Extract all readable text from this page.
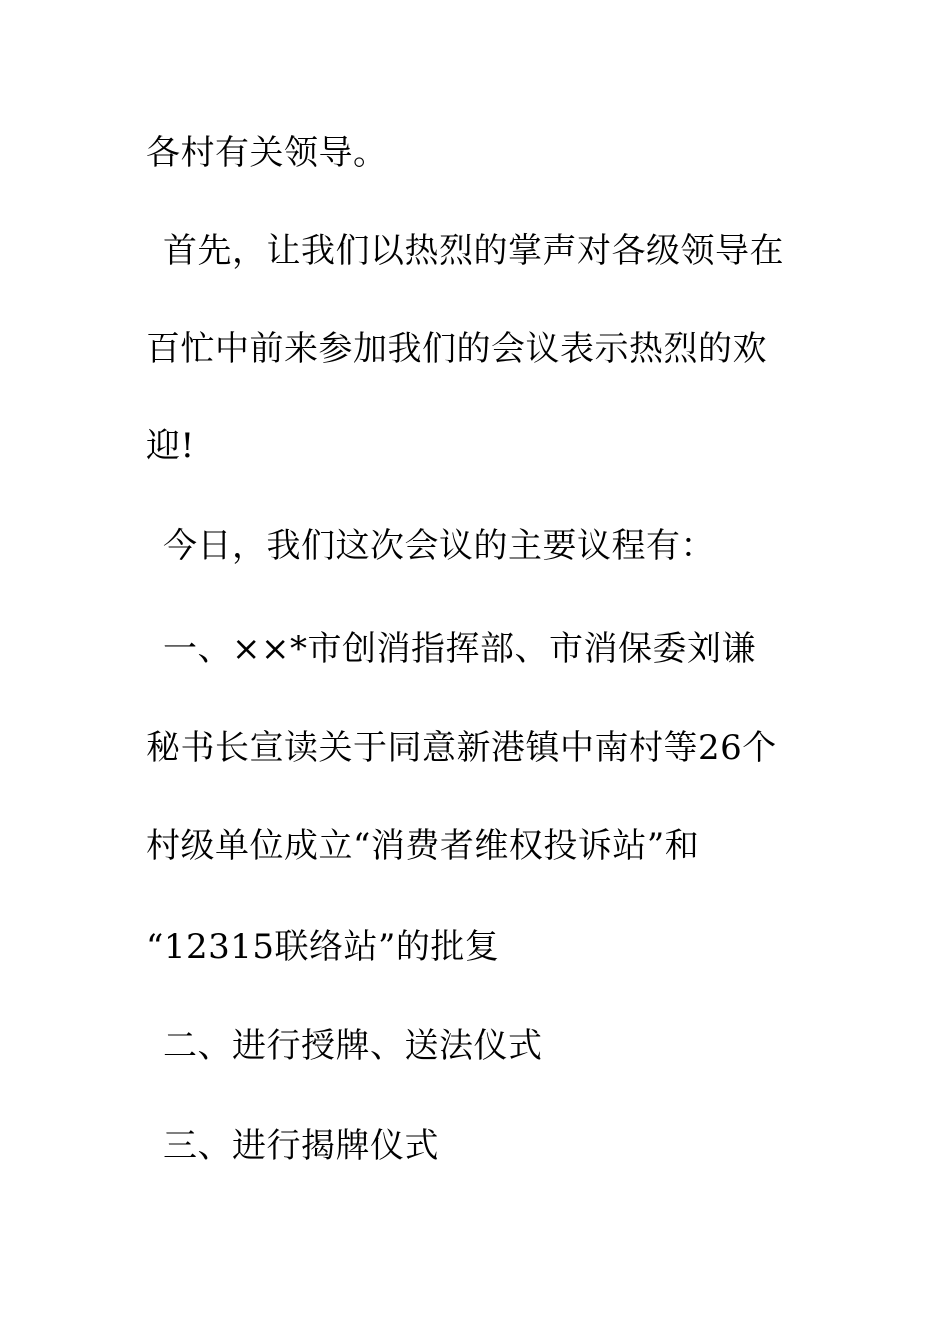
各村有关领导。
首先，让我们以热烈的掌声对各级领导在
百忙中前来参加我们的会议表示热烈的欢
迎!
今日，我们这次会议的主要议程有：
一、××*市创消指挥部、市消保委刘谦
秘书长宣读关于同意新港镇中南村等26个
村级单位成立“消费者维权投诉站”和
“12315联络站”的批复
二、进行授牌、送法仪式
三、进行揭牌仪式
